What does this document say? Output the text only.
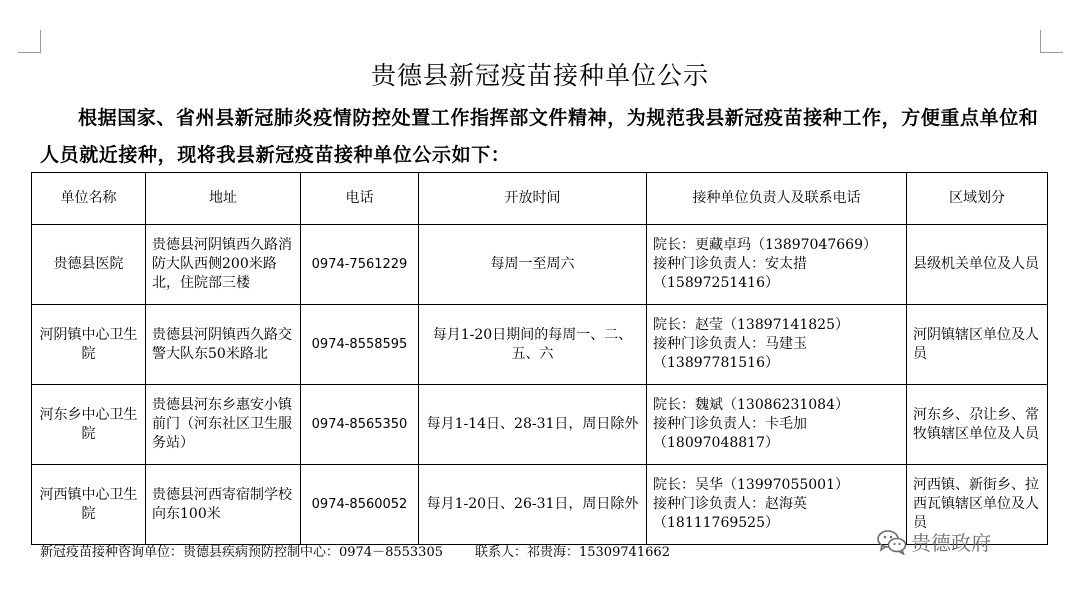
贵德县新冠疫苗接种单位公示
根据国家、省州县新冠肺炎疫情防控处置工作指挥部文件精神，为规范我县新冠疫苗接种工作，方便重点单位和人员就近接种，现将我县新冠疫苗接种单位公示如下：
单位名称	地址	电话	开放时间	接种单位负责人及联系电话	区域划分
贵德县医院	贵德县河阴镇西久路消防大队西侧200米路北，住院部三楼	0974-7561229	每周一至周六	院长：更藏卓玛（13897047669）
接种门诊负责人：安太措
（15897251416）	县级机关单位及人员
河阴镇中心卫生院	贵德县河阴镇西久路交警大队东50米路北	0974-8558595	每月1-20日期间的每周一、二、五、六	院长：赵莹（13897141825）
接种门诊负责人：马建玉
（13897781516）	河阴镇辖区单位及人员
河东乡中心卫生院	贵德县河东乡惠安小镇前门（河东社区卫生服务站）	0974-8565350	每月1-14日、28-31日，周日除外	院长：魏斌（13086231084）
接种门诊负责人：卡毛加
（18097048817）	河东乡、尕让乡、常牧镇辖区单位及人员
河西镇中心卫生院	贵德县河西寄宿制学校向东100米	0974-8560052	每月1-20日、26-31日，周日除外	院长：吴华（13997055001）
接种门诊负责人：赵海英
（18111769525）	河西镇、新街乡、拉西瓦镇辖区单位及人员
新冠疫苗接种咨询单位：贵德县疾病预防控制中心：0974－8553305 联系人：祁贵海：15309741662	贵德政府
